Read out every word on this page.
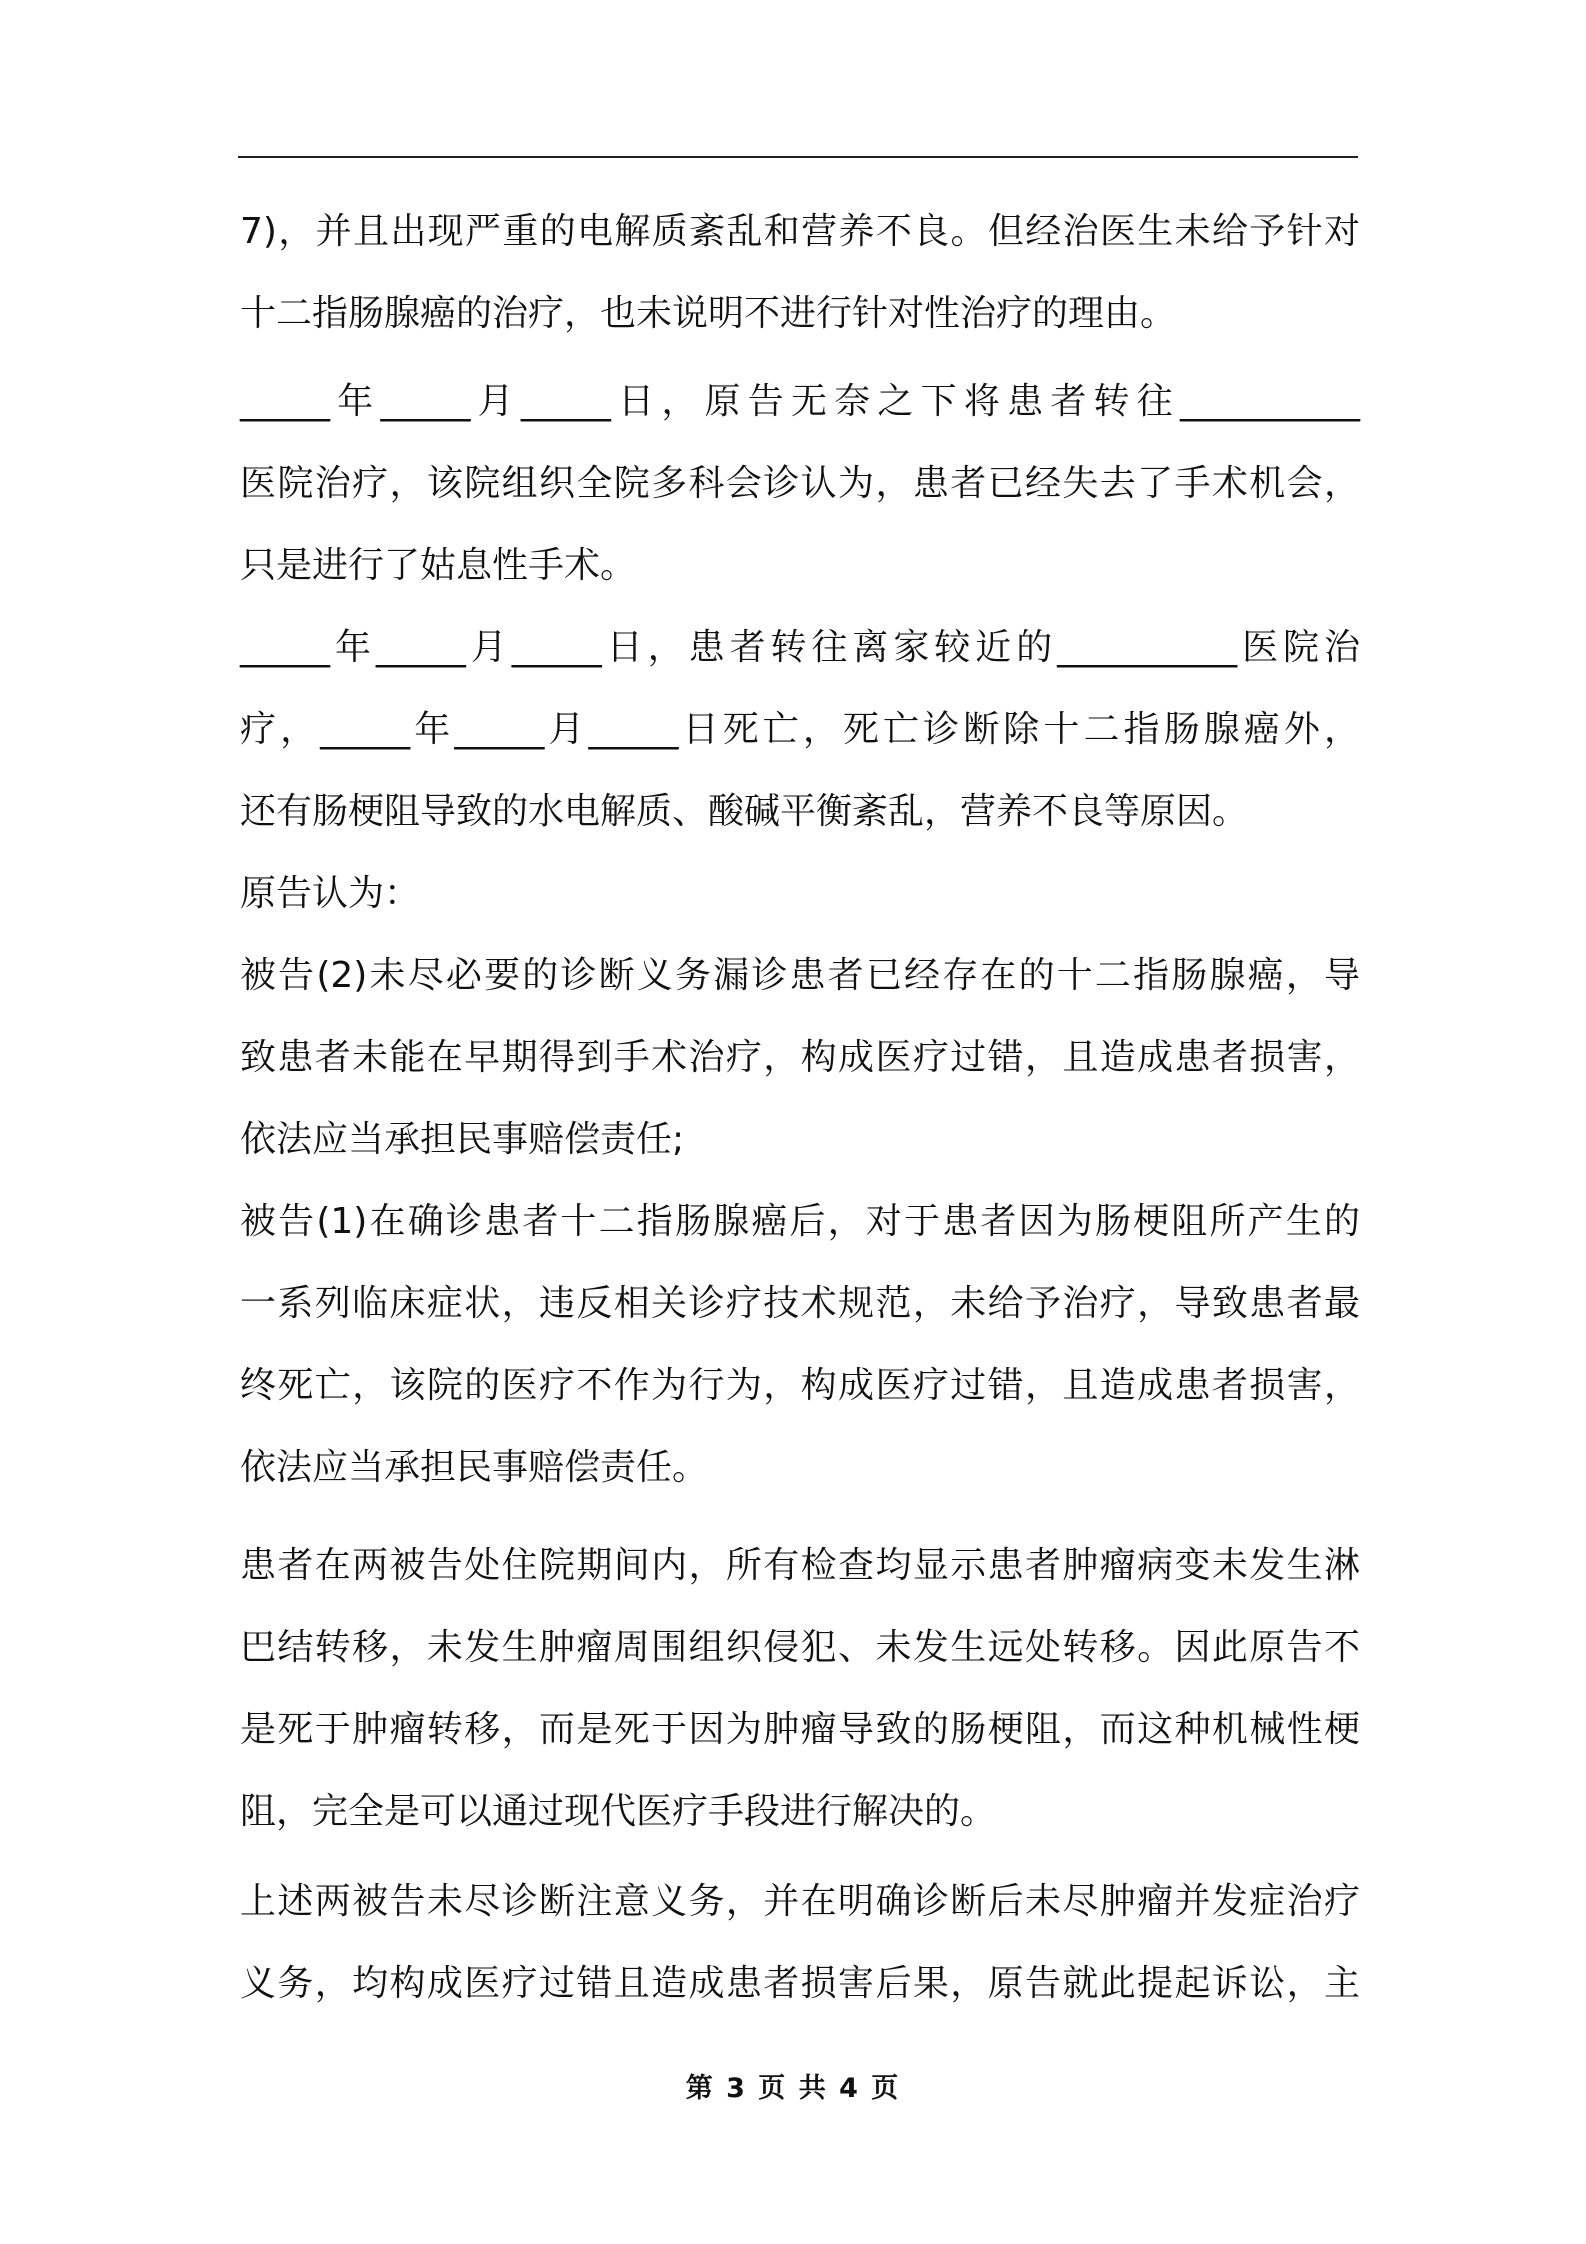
7)，并且出现严重的电解质紊乱和营养不良。但经治医生未给予针对
十二指肠腺癌的治疗，也未说明不进行针对性治疗的理由。
_____年_____月_____日，原告无奈之下将患者转往__________
医院治疗，该院组织全院多科会诊认为，患者已经失去了手术机会，
只是进行了姑息性手术。
_____年_____月_____日，患者转往离家较近的__________医院治
疗，_____年_____月_____日死亡，死亡诊断除十二指肠腺癌外，
还有肠梗阻导致的水电解质、酸碱平衡紊乱，营养不良等原因。
原告认为：
被告(2)未尽必要的诊断义务漏诊患者已经存在的十二指肠腺癌，导
致患者未能在早期得到手术治疗，构成医疗过错，且造成患者损害，
依法应当承担民事赔偿责任;
被告(1)在确诊患者十二指肠腺癌后，对于患者因为肠梗阻所产生的
一系列临床症状，违反相关诊疗技术规范，未给予治疗，导致患者最
终死亡，该院的医疗不作为行为，构成医疗过错，且造成患者损害，
依法应当承担民事赔偿责任。
患者在两被告处住院期间内，所有检查均显示患者肿瘤病变未发生淋
巴结转移，未发生肿瘤周围组织侵犯、未发生远处转移。因此原告不
是死于肿瘤转移，而是死于因为肿瘤导致的肠梗阻，而这种机械性梗
阻，完全是可以通过现代医疗手段进行解决的。
上述两被告未尽诊断注意义务，并在明确诊断后未尽肿瘤并发症治疗
义务，均构成医疗过错且造成患者损害后果，原告就此提起诉讼，主
第 3 页 共 4 页
